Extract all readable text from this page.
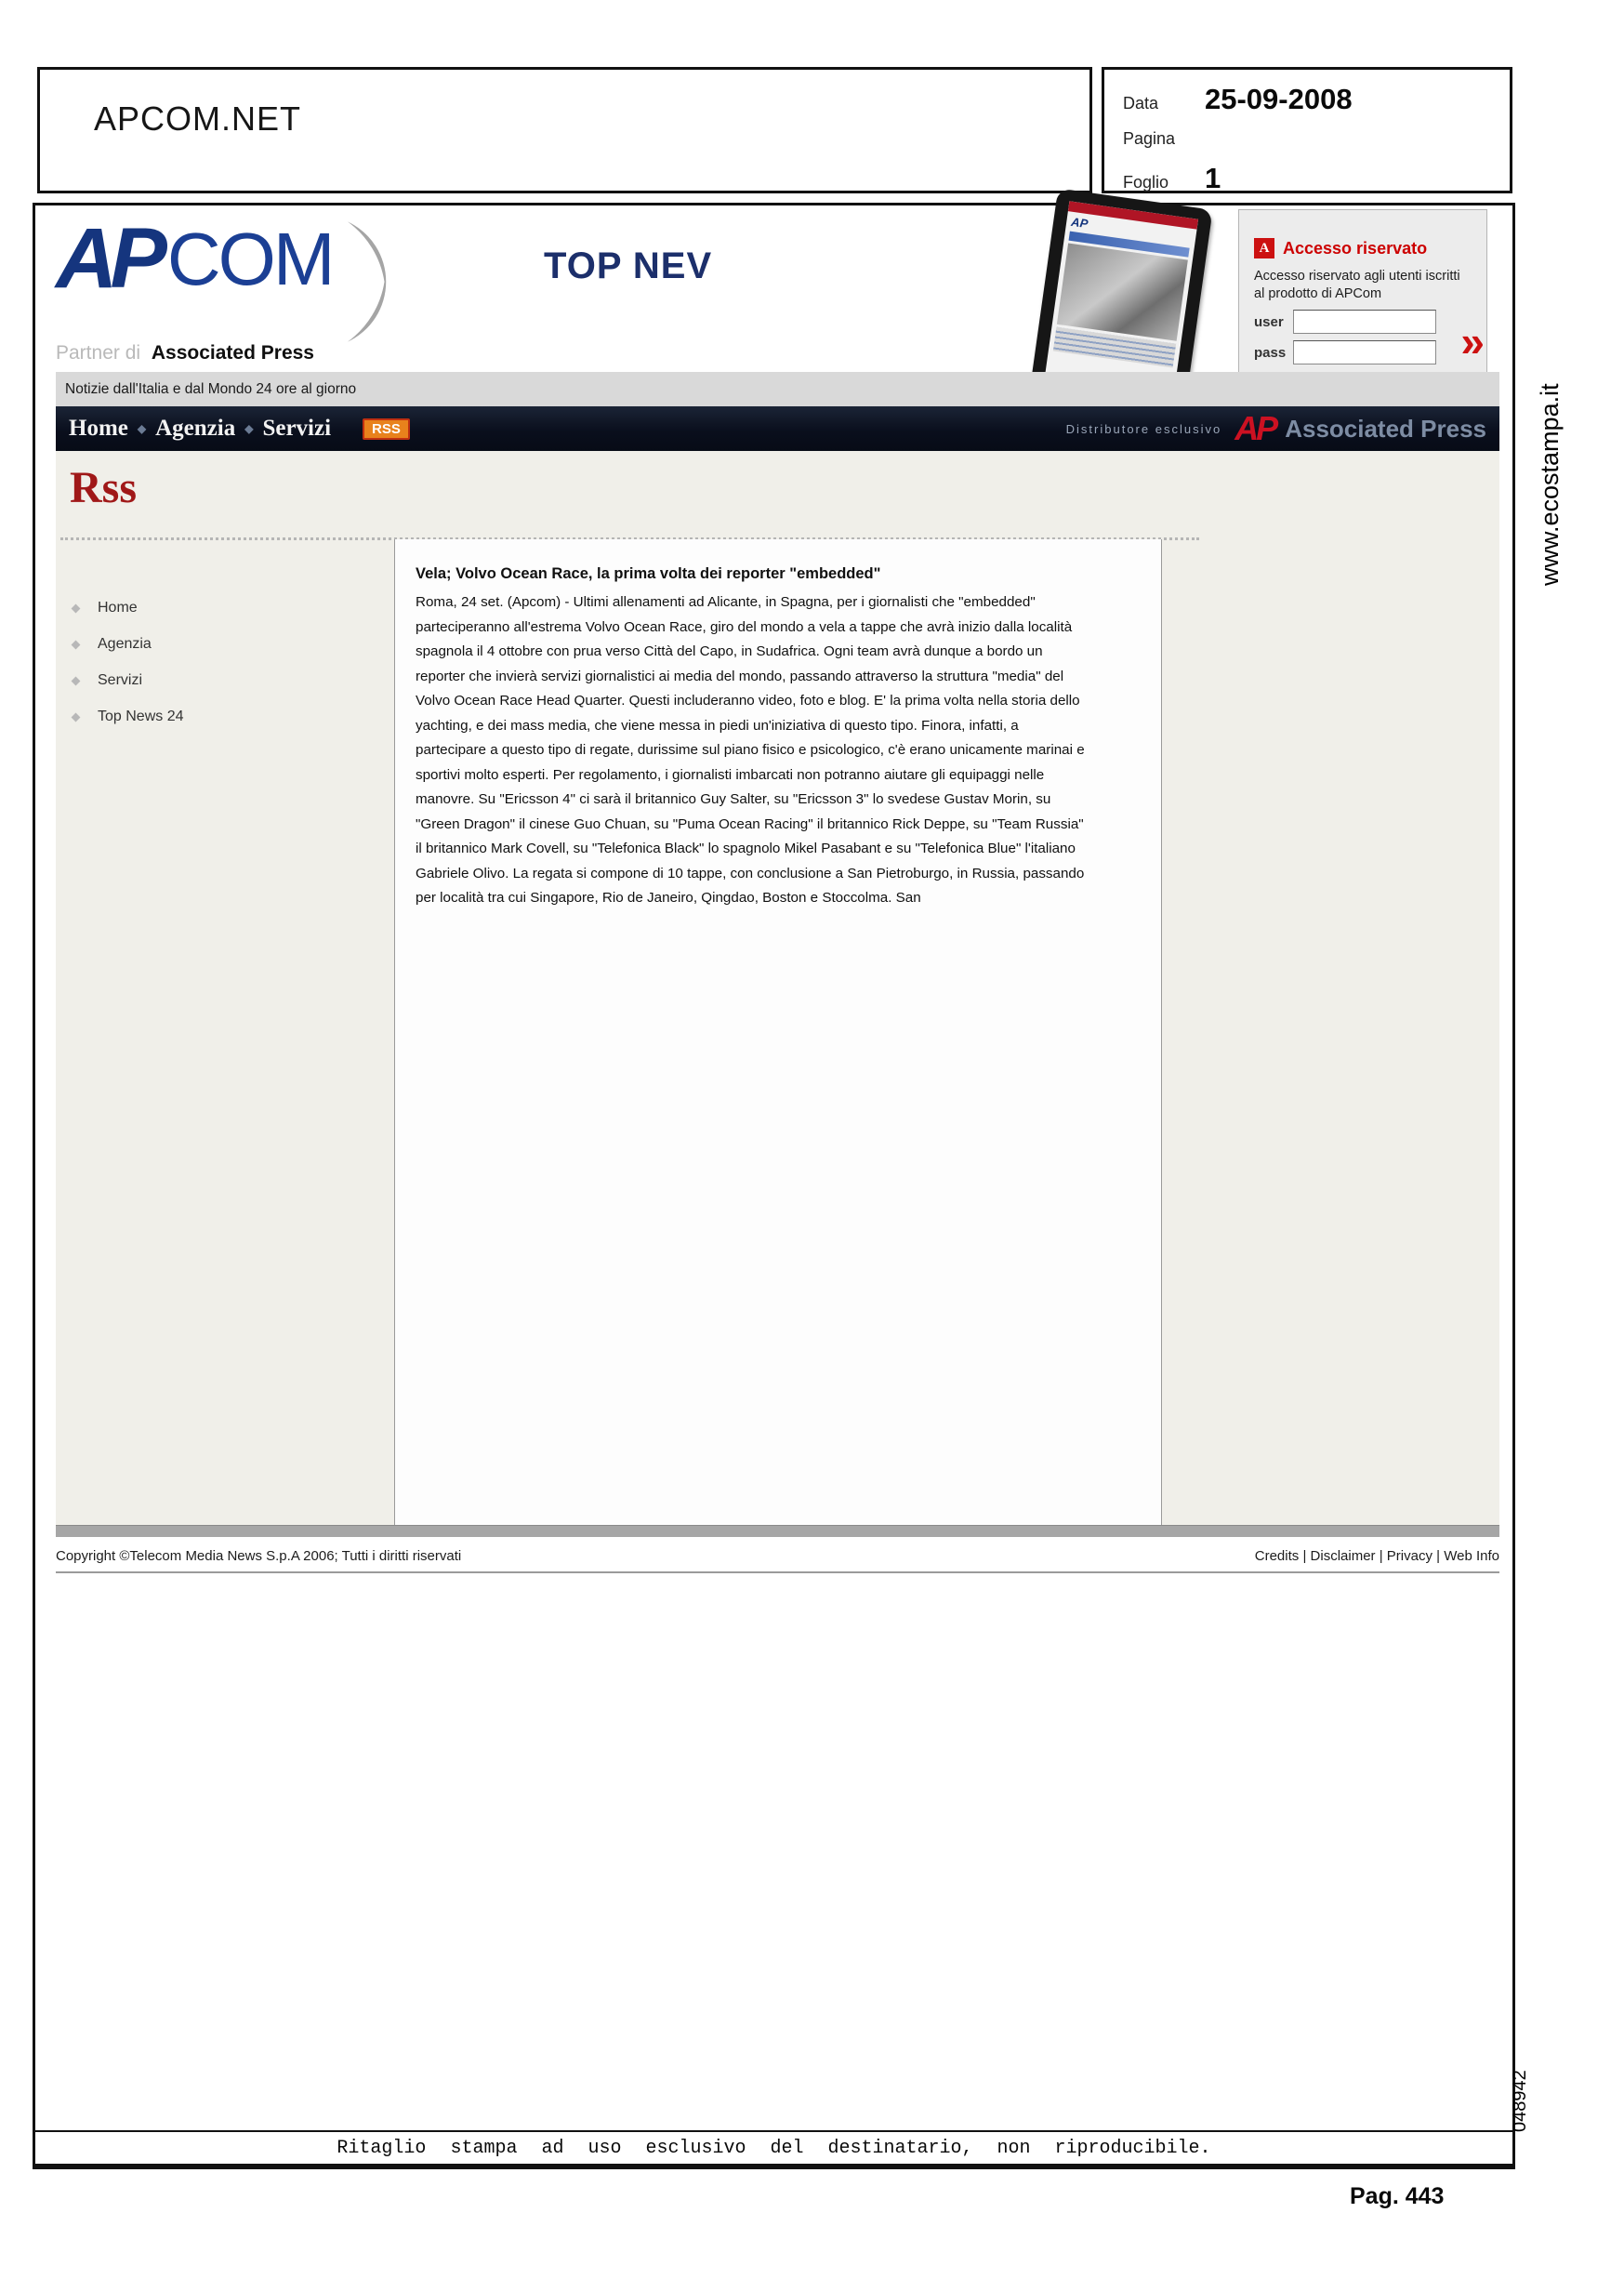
APCOM.NET	Data	25-09-2008
Pagina
Foglio	1
AP COM
Partner di Associated Press
TOP NEV
AP
A Accesso riservato
Accesso riservato agli utenti iscritti al prodotto di APCom
user
pass	»
Notizie dall'Italia e dal Mondo 24 ore al giorno
Home ◆ Agenzia ◆ Servizi	RSS	Distributore esclusivo AP Associated Press
Rss
Home
Agenzia
Servizi
Top News 24
Vela; Volvo Ocean Race, la prima volta dei reporter "embedded"
Roma, 24 set. (Apcom) - Ultimi allenamenti ad Alicante, in Spagna, per i giornalisti che "embedded" parteciperanno all'estrema Volvo Ocean Race, giro del mondo a vela a tappe che avrà inizio dalla località spagnola il 4 ottobre con prua verso Città del Capo, in Sudafrica. Ogni team avrà dunque a bordo un reporter che invierà servizi giornalistici ai media del mondo, passando attraverso la struttura "media" del Volvo Ocean Race Head Quarter. Questi includeranno video, foto e blog. E' la prima volta nella storia dello yachting, e dei mass media, che viene messa in piedi un'iniziativa di questo tipo. Finora, infatti, a partecipare a questo tipo di regate, durissime sul piano fisico e psicologico, c'è erano unicamente marinai e sportivi molto esperti. Per regolamento, i giornalisti imbarcati non potranno aiutare gli equipaggi nelle manovre. Su "Ericsson 4" ci sarà il britannico Guy Salter, su "Ericsson 3" lo svedese Gustav Morin, su "Green Dragon" il cinese Guo Chuan, su "Puma Ocean Racing" il britannico Rick Deppe, su "Team Russia" il britannico Mark Covell, su "Telefonica Black" lo spagnolo Mikel Pasabant e su "Telefonica Blue" l'italiano Gabriele Olivo. La regata si compone di 10 tappe, con conclusione a San Pietroburgo, in Russia, passando per località tra cui Singapore, Rio de Janeiro, Qingdao, Boston e Stoccolma. San
Copyright ©Telecom Media News S.p.A 2006; Tutti i diritti riservati	Credits | Disclaimer | Privacy | Web Info
Ritaglio stampa ad uso esclusivo del destinatario, non riproducibile.
www.ecostampa.it
048942
Pag. 443
